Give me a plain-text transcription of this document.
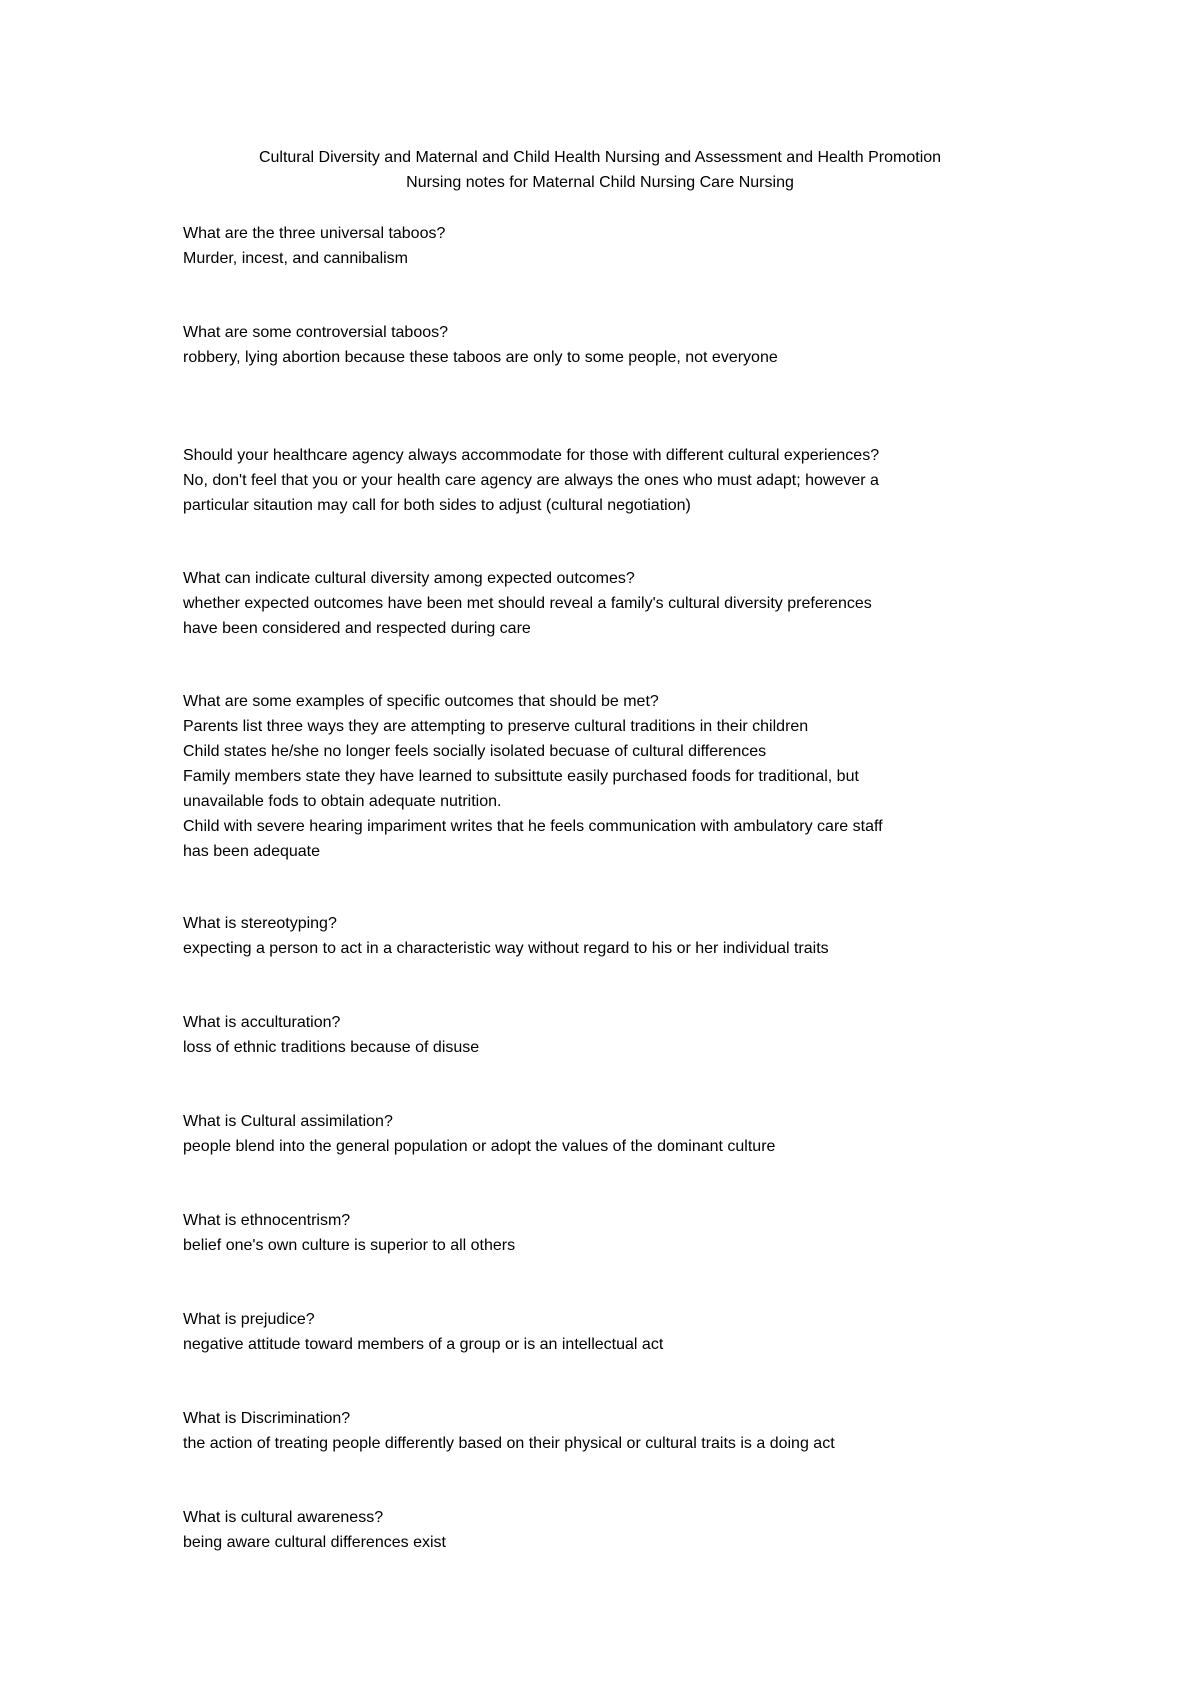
Cultural Diversity and Maternal and Child Health Nursing and Assessment and Health Promotion
Nursing notes for Maternal Child Nursing Care Nursing
What are the three universal taboos?
Murder, incest, and cannibalism
What are some controversial taboos?
robbery, lying abortion because these taboos are only to some people, not everyone
Should your healthcare agency always accommodate for those with different cultural experiences?
No, don't feel that you or your health care agency are always the ones who must adapt; however a
particular sitaution may call for both sides to adjust (cultural negotiation)
What can indicate cultural diversity among expected outcomes?
whether expected outcomes have been met should reveal a family's cultural diversity preferences
have been considered and respected during care
What are some examples of specific outcomes that should be met?
Parents list three ways they are attempting to preserve cultural traditions in their children
Child states he/she no longer feels socially isolated becuase of cultural differences
Family members state they have learned to subsittute easily purchased foods for traditional, but
unavailable fods to obtain adequate nutrition.
Child with severe hearing impariment writes that he feels communication with ambulatory care staff
has been adequate
What is stereotyping?
expecting a person to act in a characteristic way without regard to his or her individual traits
What is acculturation?
loss of ethnic traditions because of disuse
What is Cultural assimilation?
people blend into the general population or adopt the values of the dominant culture
What is ethnocentrism?
belief one's own culture is superior to all others
What is prejudice?
negative attitude toward members of a group or is an intellectual act
What is Discrimination?
the action of treating people differently based on their physical or cultural traits is a doing act
What is cultural awareness?
being aware cultural differences exist
